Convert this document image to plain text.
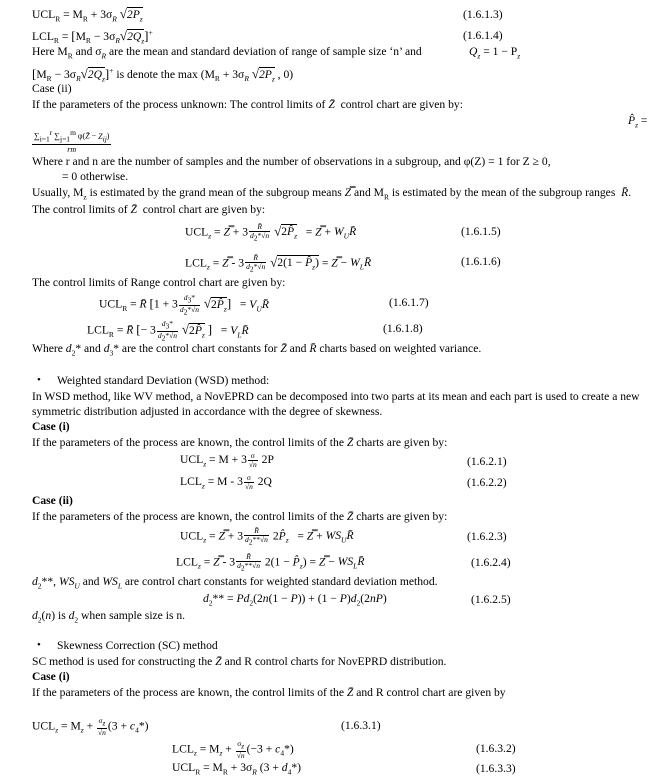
$UCL_R = M_R + 3\sigma_R$ $√2P_z$	(1.6.1.3)
$LCL_R = [M_R - 3\sigma_R√2Q_z]^+$	(1.6.1.4)
Here $M_R$ and $\sigma_R$ are the mean and standard deviation of range of sample size ‘n’ and	$Q_z = 1 - P_z$
$[M_R - 3\sigma_R√2Q_z]^+$ is denote the $\max (M_R + 3\sigma_R$ $√2P_z$ , 0)
Case (ii)
If the parameters of the process unknown: The control limits of Z̄  control chart are given by:
$P̂_z$ =
$\sum_{i=1}^r$ $\sum_{j=1}^m$ φ(Z̄ − $Z_{ij}$)
rm
Where r and n are the number of samples and the number of observations in a subgroup, and φ(Z) = 1 for Z ≥ 0,
= 0 otherwise.
Usually, $M_z$ is estimated by the grand mean of the subgroup means Z̿ and $M_R$ is estimated by the mean of the subgroup ranges  R̄.
The control limits of Z̄  control chart are given by:
$UCL_z$ = Z̿ + $3 \frac{R̄}{d_2*√n}$ $√2P̂_z$   = Z̿ + $W_UR̄$	(1.6.1.5)
$LCL_z$ = Z̿ - $3 \frac{R̄}{d_2*√n} √2(1$ − $P̂_z$) = Z̿ − $W_LR̄$	(1.6.1.6)
The control limits of Range control chart are given by:
$UCL_R$ = R̄ [$1 + 3 \frac{d_3*}{d_2*√n}$ $√2P̂_z$]   = $V_UR̄$	(1.6.1.7)
$LCL_R$ = R̄ [− $3 \frac{d_3*}{d_2*√n}$ $√2P̂_z$ ]   = $V_LR̄$	(1.6.1.8)
Where $d_2*$ and $d_3*$ are the control chart constants for Z̄ and R̄ charts based on weighted variance.
• Weighted standard Deviation (WSD) method:
In WSD method, like WV method, a NovEPRD can be decomposed into two parts at its mean and each part is used to create a new
symmetric distribution adjusted in accordance with the degree of skewness.
Case (i)
If the parameters of the process are known, the control limits of the Z̄ charts are given by:
$UCL_z = M + 3 \frac{\sigma}{√n} 2P$	(1.6.2.1)
$LCL_z = M - 3 \frac{\sigma}{√n} 2Q$	(1.6.2.2)
Case (ii)
If the parameters of the process are known, the control limits of the Z̄ charts are given by:
$UCL_z$ = Z̿ + $3 \frac{R̄}{d_2**√n}$ $2P̂_z$   = Z̿ + $WS_UR̄$	(1.6.2.3)
$LCL_z$ = Z̿ - $3 \frac{R̄}{d_2**√n} 2(1$ − $P̂_z$) = Z̿ − $WS_LR̄$	(1.6.2.4)
$d_2**$, $WS_U$ and $WS_L$ are control chart constants for weighted standard deviation method.
$d_2** = Pd_2(2n(1 - P)) + (1 - P)d_2(2nP)$	(1.6.2.5)
$d_2(n)$ is $d_2$ when sample size is n.
• Skewness Correction (SC) method
SC method is used for constructing the Z̄ and R control charts for NovEPRD distribution.
Case (i)
If the parameters of the process are known, the control limits of the Z̄ and R control chart are given by
$UCL_z = M_z + \frac{\sigma_z}{√n} (3 + c_4*)$	(1.6.3.1)
$LCL_z = M_z + \frac{\sigma_z}{√n} (-3 + c_4*)$	(1.6.3.2)
$UCL_R = M_R + 3\sigma_R$ $(3 + d_4*)$	(1.6.3.3)
